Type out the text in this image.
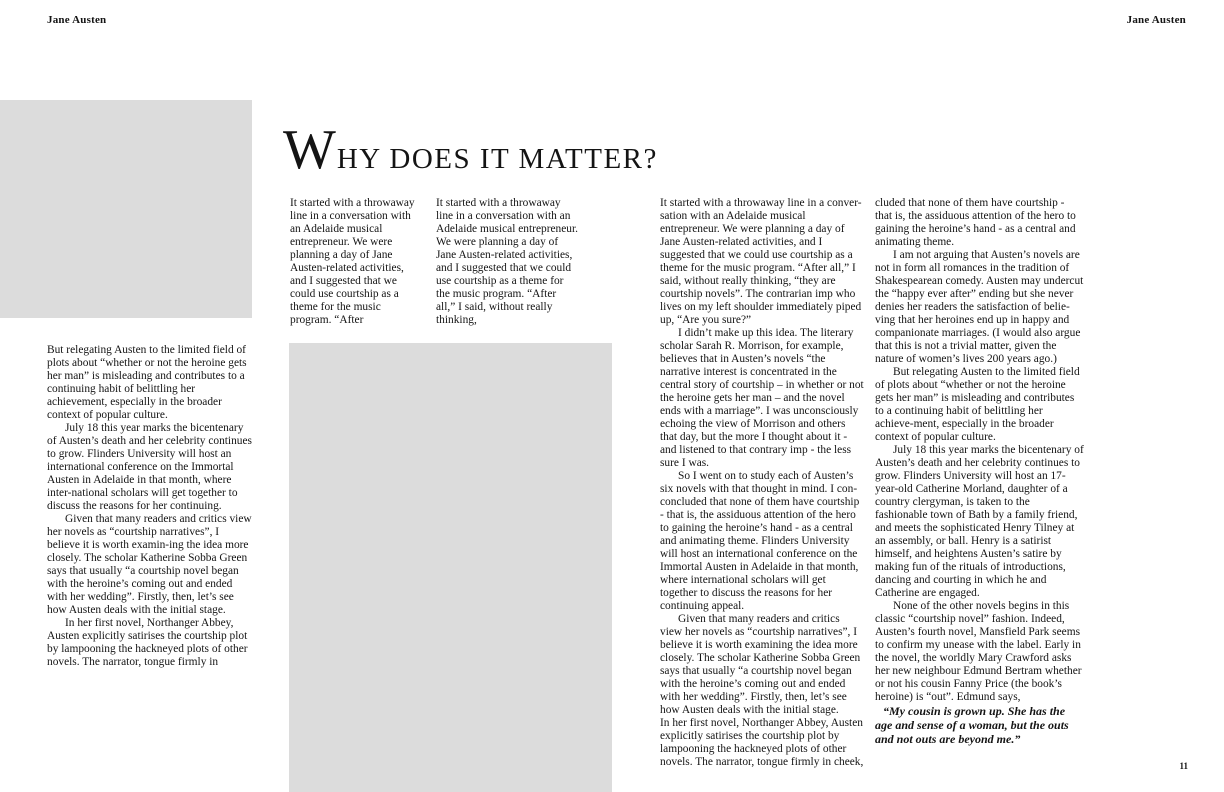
Jane Austen	Jane Austen
W HY DOES IT MATTER?

But relegating Austen to the limited field of plots about “whether or not the heroine gets her man” is misleading and contributes to a continuing habit of belittling her achievement, especially in the broader context of popular culture.

July 18 this year marks the bicentenary of Austen’s death and her celebrity continues to grow. Flinders University will host an international conference on the Immortal Austen in Adelaide in that month, where inter-national scholars will get together to discuss the reasons for her continuing.

Given that many readers and critics view her novels as “courtship narratives”, I believe it is worth examin-ing the idea more closely. The scholar Katherine Sobba Green says that usually “a courtship novel began with the heroine’s coming out and ended with her wedding”. Firstly, then, let’s see how Austen deals with the initial stage.

In her first novel, Northanger Abbey, Austen explicitly satirises the courtship plot by lampooning the hackneyed plots of other novels. The narrator, tongue firmly in

It started with a throwaway line in a conversation with an Adelaide musical entrepreneur. We were planning a day of Jane Austen-related activities, and I suggested that we could use courtship as a theme for the music program. “After

It started with a throwaway line in a conversation with an Adelaide musical entrepreneur. We were planning a day of Jane Austen-related activities, and I suggested that we could use courtship as a theme for the music program. “After all,” I said, without really thinking,

It started with a throwaway line in a conver-sation with an Adelaide musical entrepreneur. We were planning a day of Jane Austen-related activities, and I suggested that we could use courtship as a theme for the music program. “After all,” I said, without really thinking, “they are courtship novels”. The contrarian imp who lives on my left shoulder immediately piped up, “Are you sure?”

I didn’t make up this idea. The literary scholar Sarah R. Morrison, for example, believes that in Austen’s novels “the narrative interest is concentrated in the central story of courtship – in whether or not the heroine gets her man – and the novel ends with a marriage”. I was unconsciously echoing the view of Morrison and others that day, but the more I thought about it - and listened to that contrary imp - the less sure I was.

So I went on to study each of Austen’s six novels with that thought in mind. I con-concluded that none of them have courtship - that is, the assiduous attention of the hero to gaining the heroine’s hand - as a central and animating theme. Flinders University will host an international conference on the Immortal Austen in Adelaide in that month, where international scholars will get together to discuss the reasons for her continuing appeal.

Given that many readers and critics view her novels as “courtship narratives”, I believe it is worth examining the idea more closely. The scholar Katherine Sobba Green says that usually “a courtship novel began with the heroine’s coming out and ended with her wedding”. Firstly, then, let’s see how Austen deals with the initial stage.

In her first novel, Northanger Abbey, Austen explicitly satirises the courtship plot by lampooning the hackneyed plots of other novels. The narrator, tongue firmly in cheek,

cluded that none of them have courtship - that is, the assiduous attention of the hero to gaining the heroine’s hand - as a central and animating theme.

I am not arguing that Austen’s novels are not in form all romances in the tradition of Shakespearean comedy. Austen may undercut the “happy ever after” ending but she never denies her readers the satisfaction of belie-ving that her heroines end up in happy and companionate marriages. (I would also argue that this is not a trivial matter, given the nature of women’s lives 200 years ago.)

But relegating Austen to the limited field of plots about “whether or not the heroine gets her man” is misleading and contributes to a continuing habit of belittling her achieve-ment, especially in the broader context of popular culture.

July 18 this year marks the bicentenary of Austen’s death and her celebrity continues to grow. Flinders University will host an 17-year-old Catherine Morland, daughter of a country clergyman, is taken to the fashionable town of Bath by a family friend, and meets the sophisticated Henry Tilney at an assembly, or ball. Henry is a satirist himself, and heightens Austen’s satire by making fun of the rituals of introductions, dancing and courting in which he and Catherine are engaged.

None of the other novels begins in this classic “courtship novel” fashion. Indeed, Austen’s fourth novel, Mansfield Park seems to confirm my unease with the label. Early in the novel, the worldly Mary Crawford asks her new neighbour Edmund Bertram whether or not his cousin Fanny Price (the book’s heroine) is “out”. Edmund says,

“My cousin is grown up. She has the age and sense of a woman, but the outs and not outs are beyond me.”

11
